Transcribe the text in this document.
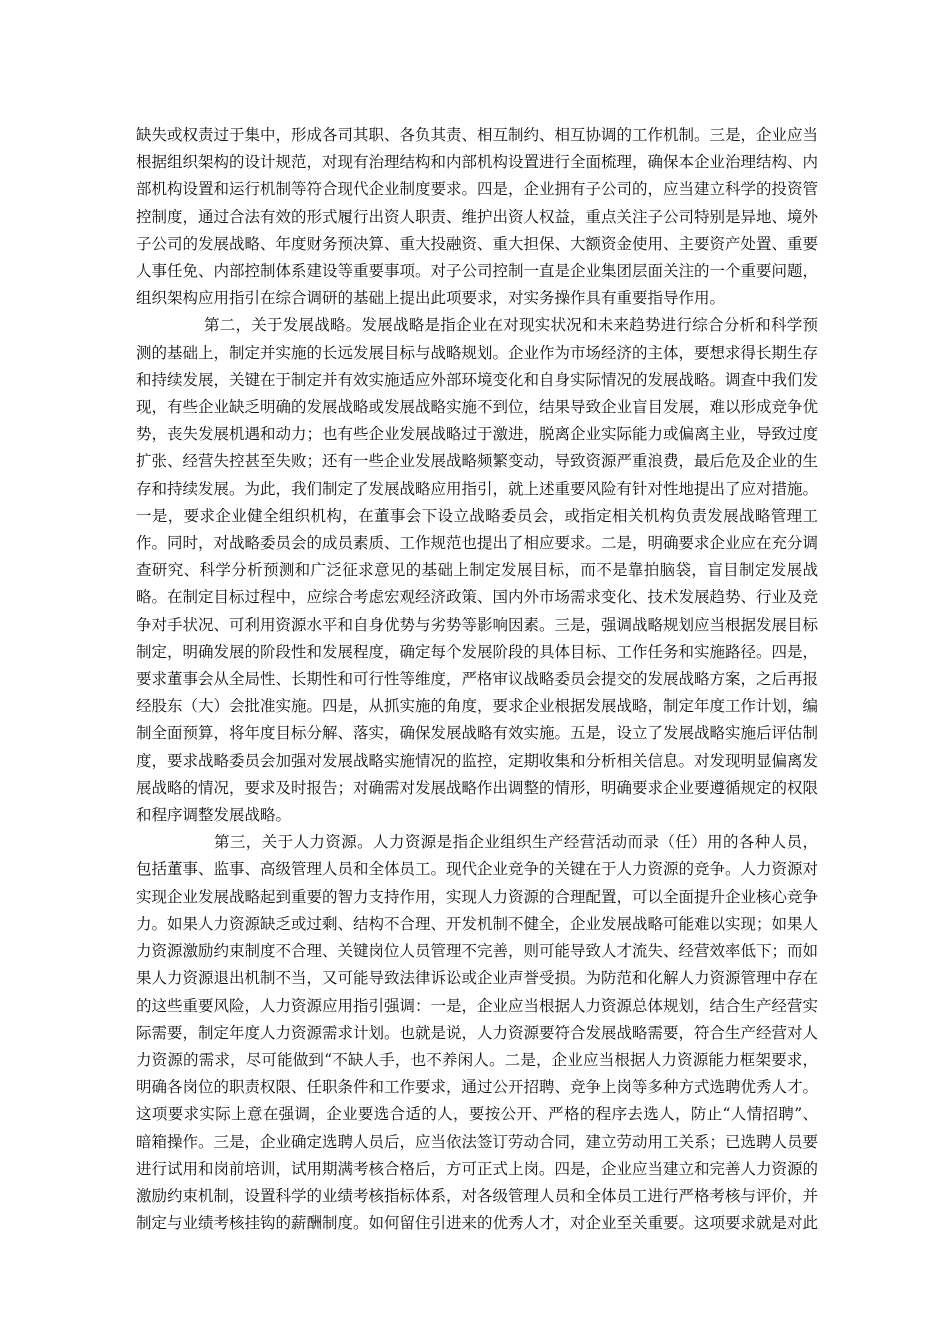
缺失或权责过于集中，形成各司其职、各负其责、相互制约、相互协调的工作机制。三是，企业应当根据组织架构的设计规范，对现有治理结构和内部机构设置进行全面梳理，确保本企业治理结构、内部机构设置和运行机制等符合现代企业制度要求。四是，企业拥有子公司的，应当建立科学的投资管控制度，通过合法有效的形式履行出资人职责、维护出资人权益，重点关注子公司特别是异地、境外子公司的发展战略、年度财务预决算、重大投融资、重大担保、大额资金使用、主要资产处置、重要人事任免、内部控制体系建设等重要事项。对子公司控制一直是企业集团层面关注的一个重要问题，组织架构应用指引在综合调研的基础上提出此项要求，对实务操作具有重要指导作用。

第二，关于发展战略。发展战略是指企业在对现实状况和未来趋势进行综合分析和科学预测的基础上，制定并实施的长远发展目标与战略规划。企业作为市场经济的主体，要想求得长期生存和持续发展，关键在于制定并有效实施适应外部环境变化和自身实际情况的发展战略。调查中我们发现，有些企业缺乏明确的发展战略或发展战略实施不到位，结果导致企业盲目发展，难以形成竞争优势，丧失发展机遇和动力；也有些企业发展战略过于激进，脱离企业实际能力或偏离主业，导致过度扩张、经营失控甚至失败；还有一些企业发展战略频繁变动，导致资源严重浪费，最后危及企业的生存和持续发展。为此，我们制定了发展战略应用指引，就上述重要风险有针对性地提出了应对措施。一是，要求企业健全组织机构，在董事会下设立战略委员会，或指定相关机构负责发展战略管理工作。同时，对战略委员会的成员素质、工作规范也提出了相应要求。二是，明确要求企业应在充分调查研究、科学分析预测和广泛征求意见的基础上制定发展目标，而不是靠拍脑袋，盲目制定发展战略。在制定目标过程中，应综合考虑宏观经济政策、国内外市场需求变化、技术发展趋势、行业及竞争对手状况、可利用资源水平和自身优势与劣势等影响因素。三是，强调战略规划应当根据发展目标制定，明确发展的阶段性和发展程度，确定每个发展阶段的具体目标、工作任务和实施路径。四是，要求董事会从全局性、长期性和可行性等维度，严格审议战略委员会提交的发展战略方案，之后再报经股东（大）会批准实施。四是，从抓实施的角度，要求企业根据发展战略，制定年度工作计划，编制全面预算，将年度目标分解、落实，确保发展战略有效实施。五是，设立了发展战略实施后评估制度，要求战略委员会加强对发展战略实施情况的监控，定期收集和分析相关信息。对发现明显偏离发展战略的情况，要求及时报告；对确需对发展战略作出调整的情形，明确要求企业要遵循规定的权限和程序调整发展战略。

第三，关于人力资源。人力资源是指企业组织生产经营活动而录（任）用的各种人员，包括董事、监事、高级管理人员和全体员工。现代企业竞争的关键在于人力资源的竞争。人力资源对实现企业发展战略起到重要的智力支持作用，实现人力资源的合理配置，可以全面提升企业核心竞争力。如果人力资源缺乏或过剩、结构不合理、开发机制不健全，企业发展战略可能难以实现；如果人力资源激励约束制度不合理、关键岗位人员管理不完善，则可能导致人才流失、经营效率低下；而如果人力资源退出机制不当，又可能导致法律诉讼或企业声誉受损。为防范和化解人力资源管理中存在的这些重要风险，人力资源应用指引强调：一是，企业应当根据人力资源总体规划，结合生产经营实际需要，制定年度人力资源需求计划。也就是说，人力资源要符合发展战略需要，符合生产经营对人力资源的需求，尽可能做到“不缺人手，也不养闲人。二是，企业应当根据人力资源能力框架要求，明确各岗位的职责权限、任职条件和工作要求，通过公开招聘、竞争上岗等多种方式选聘优秀人才。这项要求实际上意在强调，企业要选合适的人，要按公开、严格的程序去选人，防止“人情招聘”、暗箱操作。三是，企业确定选聘人员后，应当依法签订劳动合同，建立劳动用工关系；已选聘人员要进行试用和岗前培训，试用期满考核合格后，方可正式上岗。四是，企业应当建立和完善人力资源的激励约束机制，设置科学的业绩考核指标体系，对各级管理人员和全体员工进行严格考核与评价，并制定与业绩考核挂钩的薪酬制度。如何留住引进来的优秀人才，对企业至关重要。这项要求就是对此
